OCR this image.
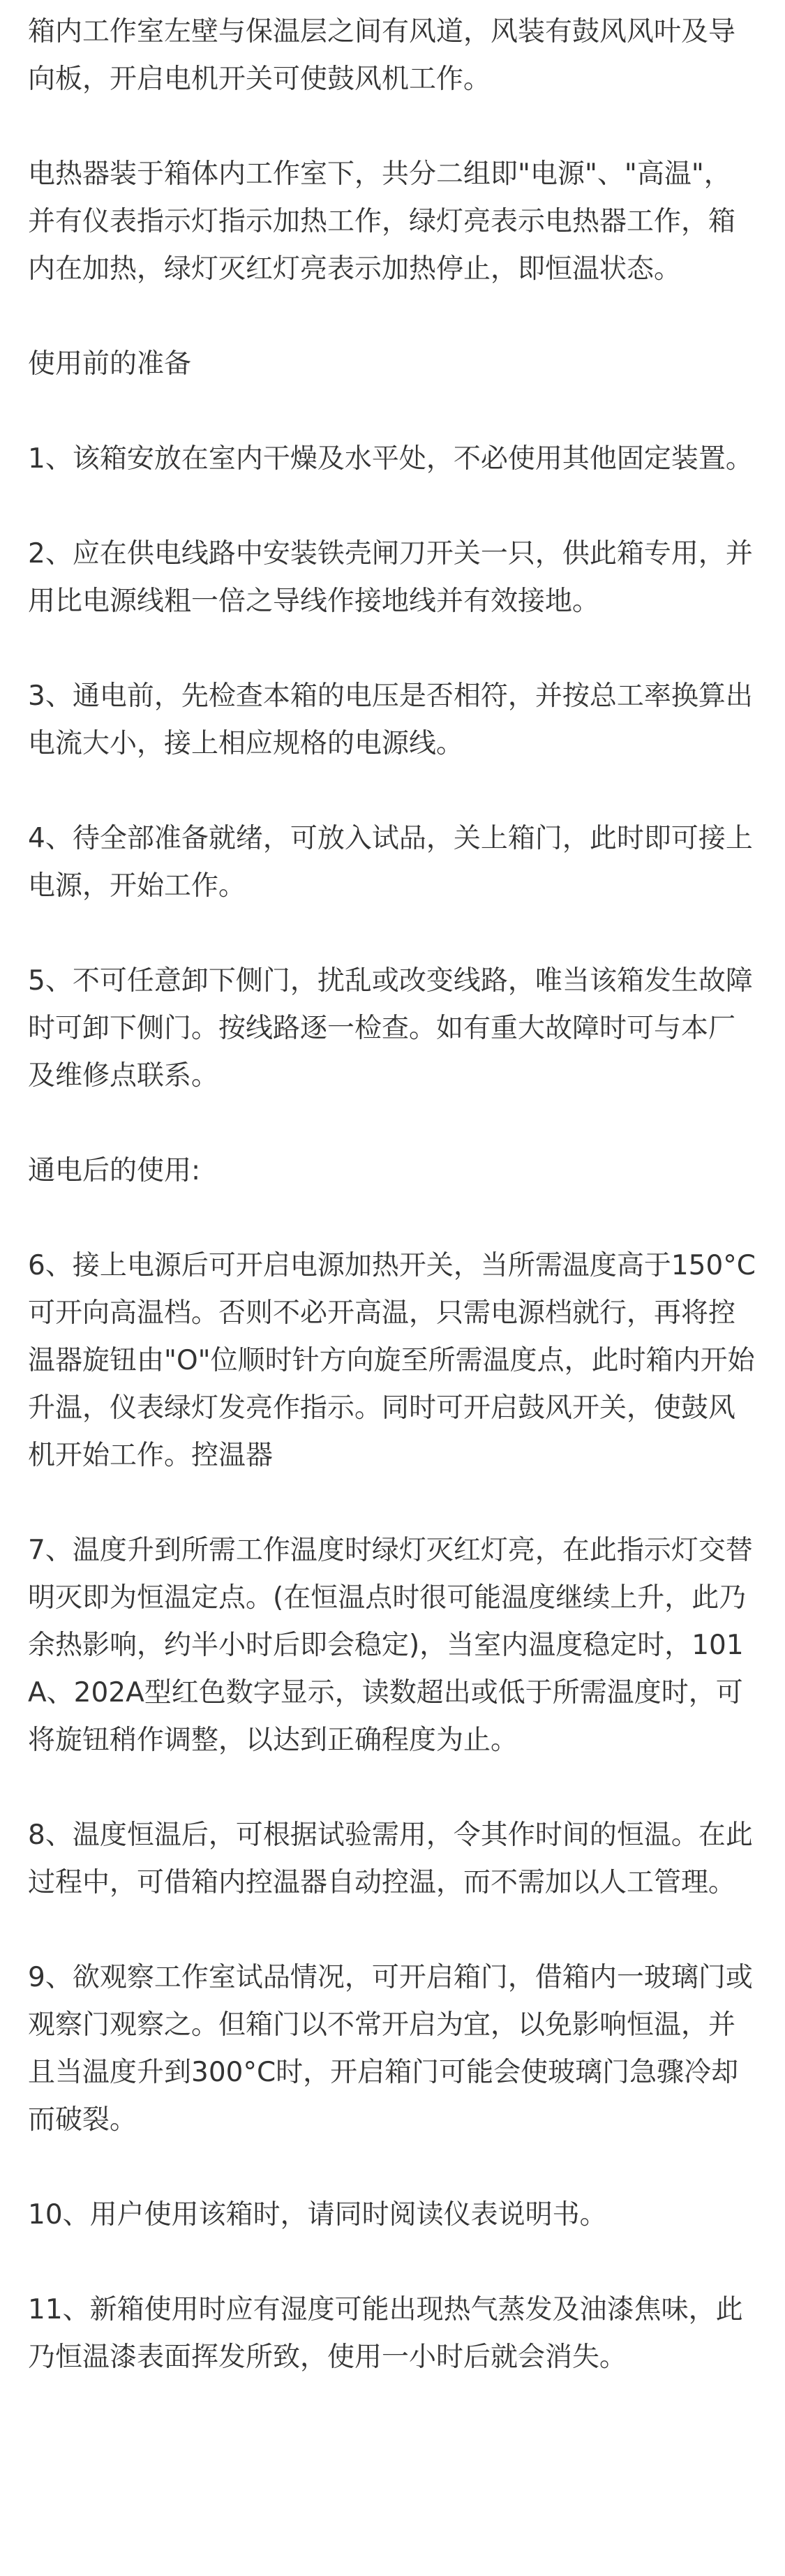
箱内工作室左壁与保温层之间有风道，风装有鼓风风叶及导向板，开启电机开关可使鼓风机工作。

电热器装于箱体内工作室下，共分二组即"电源"、"高温"，并有仪表指示灯指示加热工作，绿灯亮表示电热器工作，箱内在加热，绿灯灭红灯亮表示加热停止，即恒温状态。

使用前的准备

1、该箱安放在室内干燥及水平处，不必使用其他固定装置。

2、应在供电线路中安装铁壳闸刀开关一只，供此箱专用，并用比电源线粗一倍之导线作接地线并有效接地。

3、通电前，先检查本箱的电压是否相符，并按总工率换算出电流大小，接上相应规格的电源线。

4、待全部准备就绪，可放入试品，关上箱门，此时即可接上电源，开始工作。

5、不可任意卸下侧门，扰乱或改变线路，唯当该箱发生故障时可卸下侧门。按线路逐一检查。如有重大故障时可与本厂及维修点联系。

通电后的使用:

6、接上电源后可开启电源加热开关，当所需温度高于150°C可开向高温档。否则不必开高温，只需电源档就行，再将控温器旋钮由"O"位顺时针方向旋至所需温度点，此时箱内开始升温，仪表绿灯发亮作指示。同时可开启鼓风开关，使鼓风机开始工作。控温器

7、温度升到所需工作温度时绿灯灭红灯亮，在此指示灯交替明灭即为恒温定点。(在恒温点时很可能温度继续上升，此乃余热影响，约半小时后即会稳定)，当室内温度稳定时，101A、202A型红色数字显示，读数超出或低于所需温度时，可将旋钮稍作调整，以达到正确程度为止。

8、温度恒温后，可根据试验需用，令其作时间的恒温。在此过程中，可借箱内控温器自动控温，而不需加以人工管理。

9、欲观察工作室试品情况，可开启箱门，借箱内一玻璃门或观察门观察之。但箱门以不常开启为宜，以免影响恒温，并且当温度升到300°C时，开启箱门可能会使玻璃门急骤冷却而破裂。

10、用户使用该箱时，请同时阅读仪表说明书。

11、新箱使用时应有湿度可能出现热气蒸发及油漆焦味，此乃恒温漆表面挥发所致，使用一小时后就会消失。
